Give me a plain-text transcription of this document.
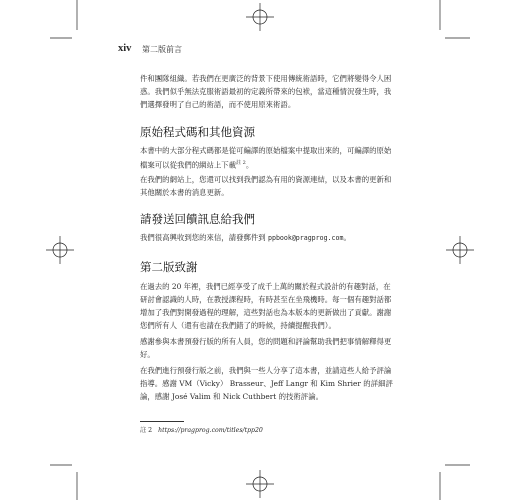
xiv 第二版前言

件和團隊組織。若我們在更廣泛的背景下使用傳統術語時，它們將變得令人困惑。我們似乎無法克服術語最初的定義所帶來的包袱，當這種情況發生時，我們選擇發明了自己的術語，而不使用原來術語。

原始程式碼和其他資源

本書中的大部分程式碼都是從可編譯的原始檔案中提取出來的，可編譯的原始檔案可以從我們的網站上下載$^{註 2}$。

在我們的網站上，您還可以找到我們認為有用的資源連結，以及本書的更新和其他關於本書的消息更新。

請發送回饋訊息給我們

我們很高興收到您的來信，請發郵件到 ppbook@pragprog.com。

第二版致謝

在過去的 20 年裡，我們已經享受了成千上萬的關於程式設計的有趣對話，在研討會認識的人時，在教授課程時，有時甚至在坐飛機時。每一個有趣對話都增加了我們對開發過程的理解，這些對話也為本版本的更新做出了貢獻。謝謝您們所有人（還有也請在我們錯了的時候，持續提醒我們）。

感謝參與本書預發行版的所有人員，您的問題和評論幫助我們把事情解釋得更好。

在我們進行預發行版之前，我們與一些人分享了這本書，並請這些人給予評論指導。感謝 VM（Vicky） Brasseur、Jeff Langr 和 Kim Shrier 的詳細評論，感謝 José Valim 和 Nick Cuthbert 的技術評論。

註 2 https://pragprog.com/titles/tpp20
